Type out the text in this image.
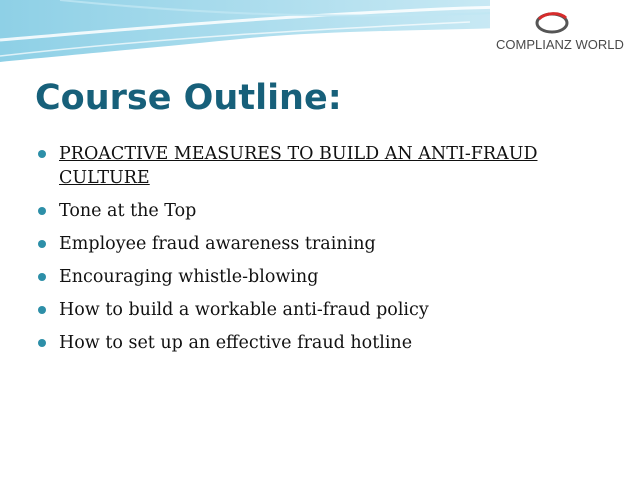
COMPLIANZ WORLD
Course Outline:
PROACTIVE MEASURES TO BUILD AN ANTI-FRAUD CULTURE
Tone at the Top
Employee fraud awareness training
Encouraging whistle-blowing
How to build a workable anti-fraud policy
How to set up an effective fraud hotline
